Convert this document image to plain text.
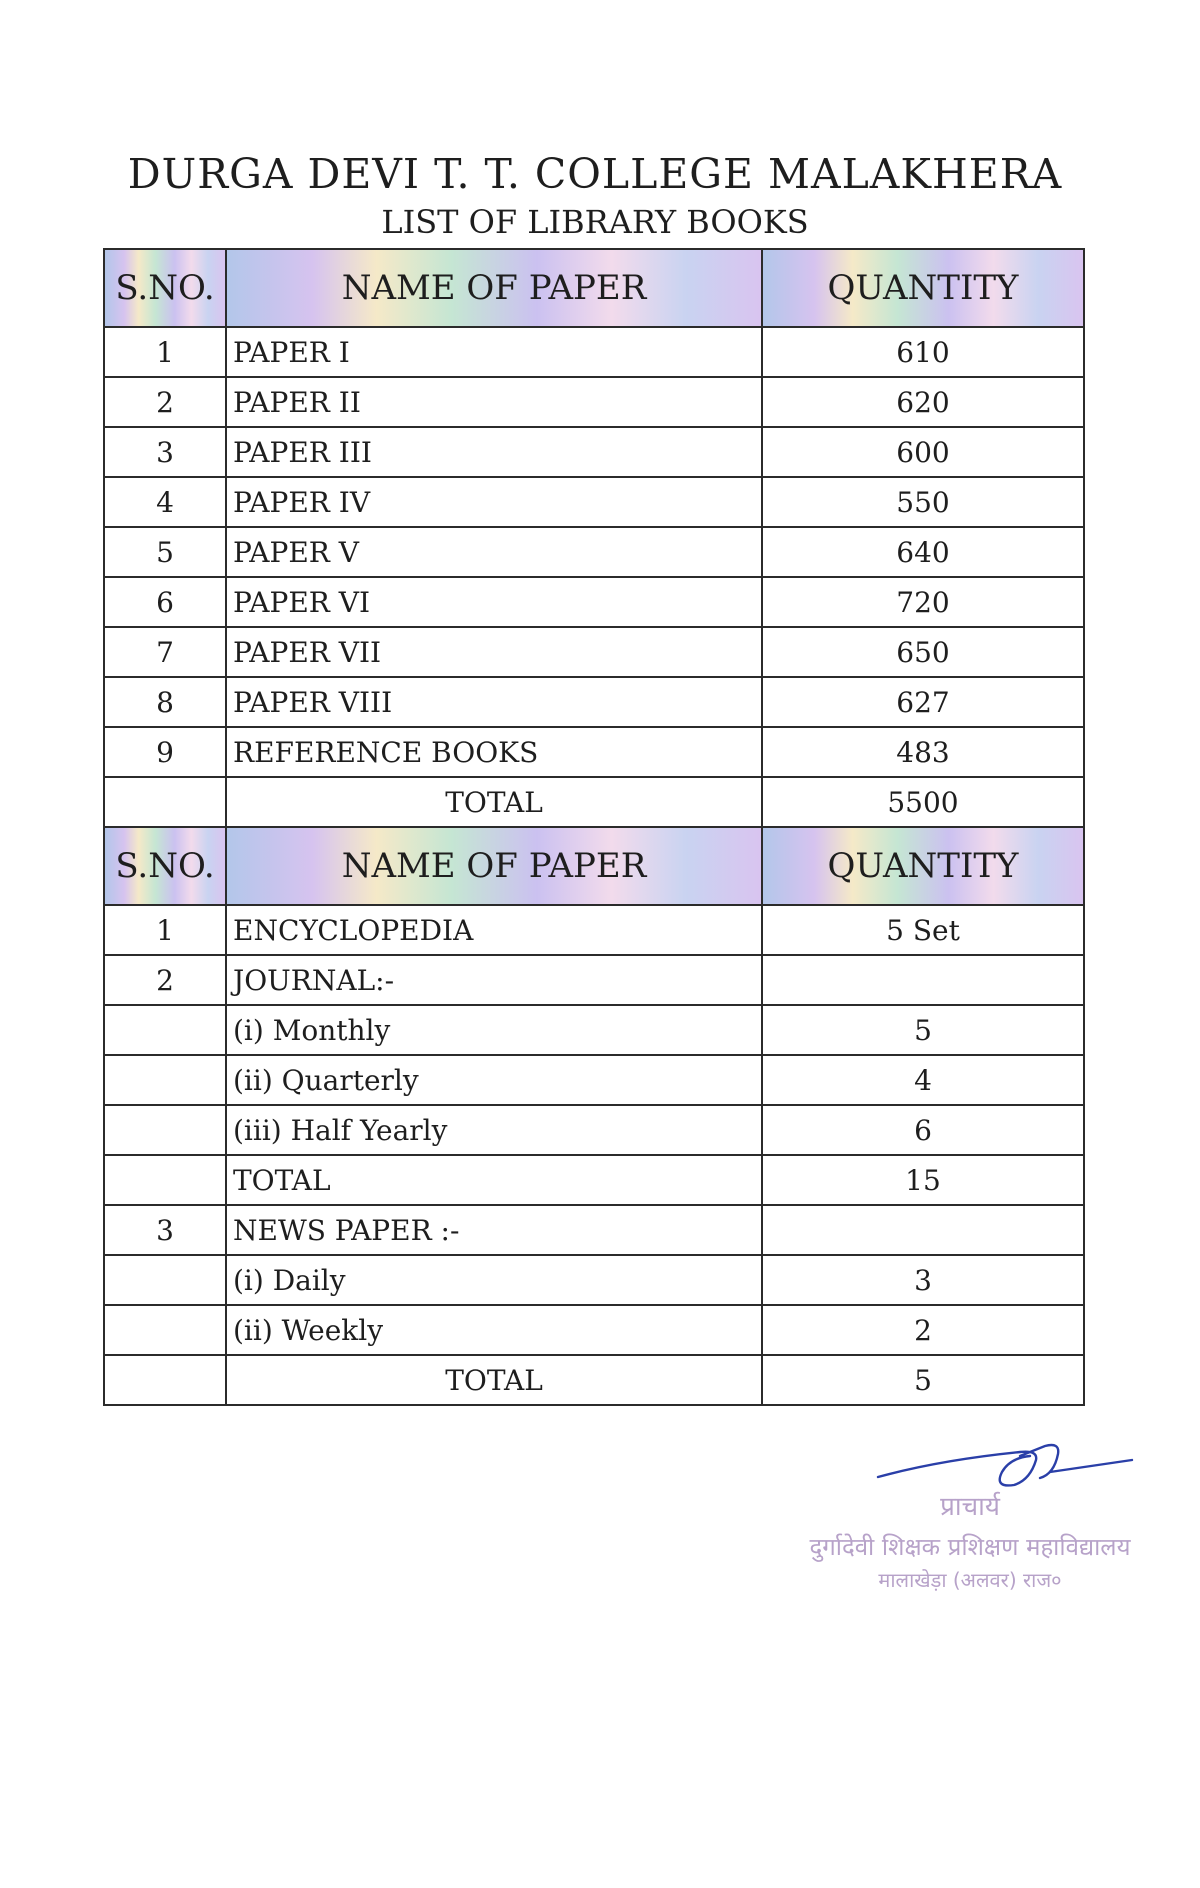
DURGA DEVI T. T. COLLEGE MALAKHERA
LIST OF LIBRARY BOOKS
S.NO.	NAME OF PAPER	QUANTITY
1	PAPER I	610
2	PAPER II	620
3	PAPER III	600
4	PAPER IV	550
5	PAPER V	640
6	PAPER VI	720
7	PAPER VII	650
8	PAPER VIII	627
9	REFERENCE BOOKS	483
	TOTAL	5500
S.NO.	NAME OF PAPER	QUANTITY
1	ENCYCLOPEDIA	5 Set
2	JOURNAL:-	
	(i) Monthly	5
	(ii) Quarterly	4
	(iii) Half Yearly	6
	TOTAL	15
3	NEWS PAPER :-	
	(i) Daily	3
	(ii) Weekly	2
	TOTAL	5
प्राचार्य
दुर्गादेवी शिक्षक प्रशिक्षण महाविद्यालय
मालाखेड़ा (अलवर) राज०
